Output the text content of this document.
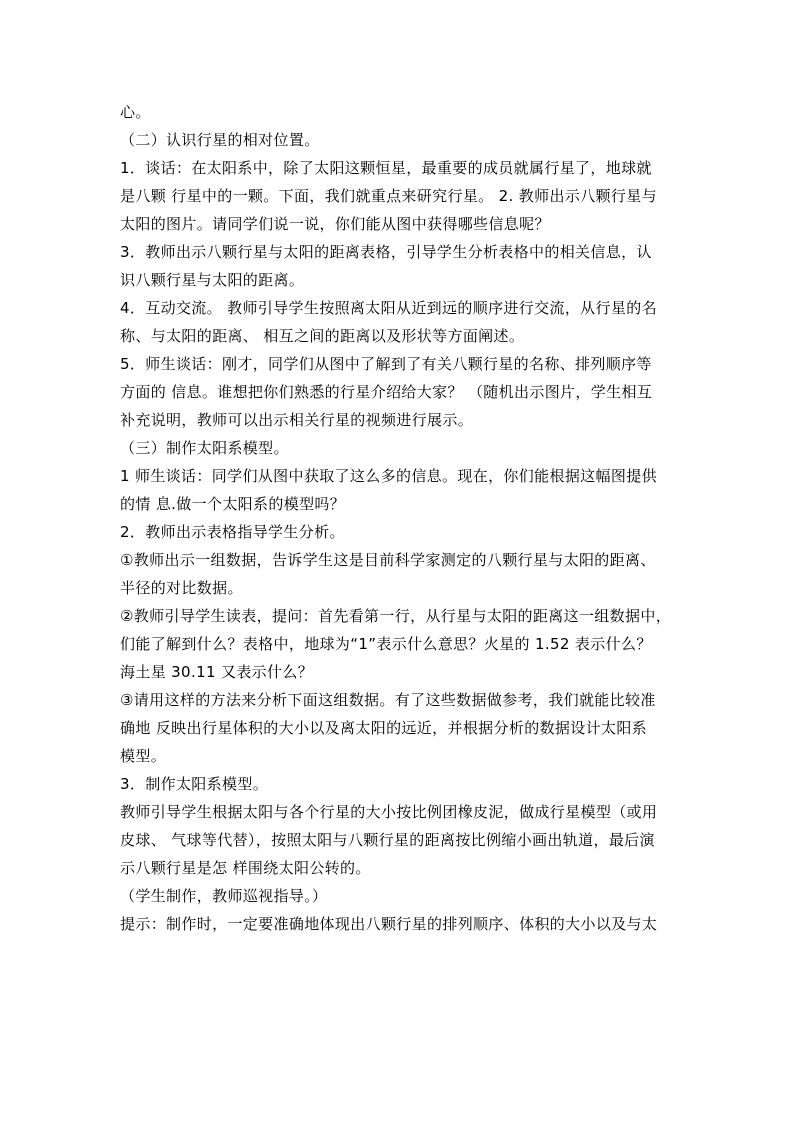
心。
（二）认识行星的相对位置。
1．谈话：在太阳系中，除了太阳这颗恒星，最重要的成员就属行星了，地球就
是八颗 行星中的一颗。下面，我们就重点来研究行星。 2. 教师出示八颗行星与
太阳的图片。请同学们说一说，你们能从图中获得哪些信息呢？
3．教师出示八颗行星与太阳的距离表格，引导学生分析表格中的相关信息，认
识八颗行星与太阳的距离。
4．互动交流。 教师引导学生按照离太阳从近到远的顺序进行交流，从行星的名
称、与太阳的距离、 相互之间的距离以及形状等方面阐述。
5．师生谈话：刚才，同学们从图中了解到了有关八颗行星的名称、排列顺序等
方面的 信息。谁想把你们熟悉的行星介绍给大家？ （随机出示图片，学生相互
补充说明，教师可以出示相关行星的视频进行展示。
（三）制作太阳系模型。
1 师生谈话：同学们从图中获取了这么多的信息。现在，你们能根据这幅图提供
的情 息.做一个太阳系的模型吗？
2．教师出示表格指导学生分析。
①教师出示一组数据，告诉学生这是目前科学家测定的八颗行星与太阳的距离、
半径的对比数据。
②教师引导学生读表，提问：首先看第一行，从行星与太阳的距离这一组数据中，
们能了解到什么？表格中，地球为“1”表示什么意思？火星的 1.52 表示什么？
海土星 30.11 又表示什么？
③请用这样的方法来分析下面这组数据。有了这些数据做参考，我们就能比较准
确地 反映出行星体积的大小以及离太阳的远近，并根据分析的数据设计太阳系
模型。
3．制作太阳系模型。
教师引导学生根据太阳与各个行星的大小按比例团橡皮泥，做成行星模型（或用
皮球、 气球等代替），按照太阳与八颗行星的距离按比例缩小画出轨道，最后演
示八颗行星是怎 样围绕太阳公转的。
（学生制作，教师巡视指导。）
提示：制作时，一定要准确地体现出八颗行星的排列顺序、体积的大小以及与太
